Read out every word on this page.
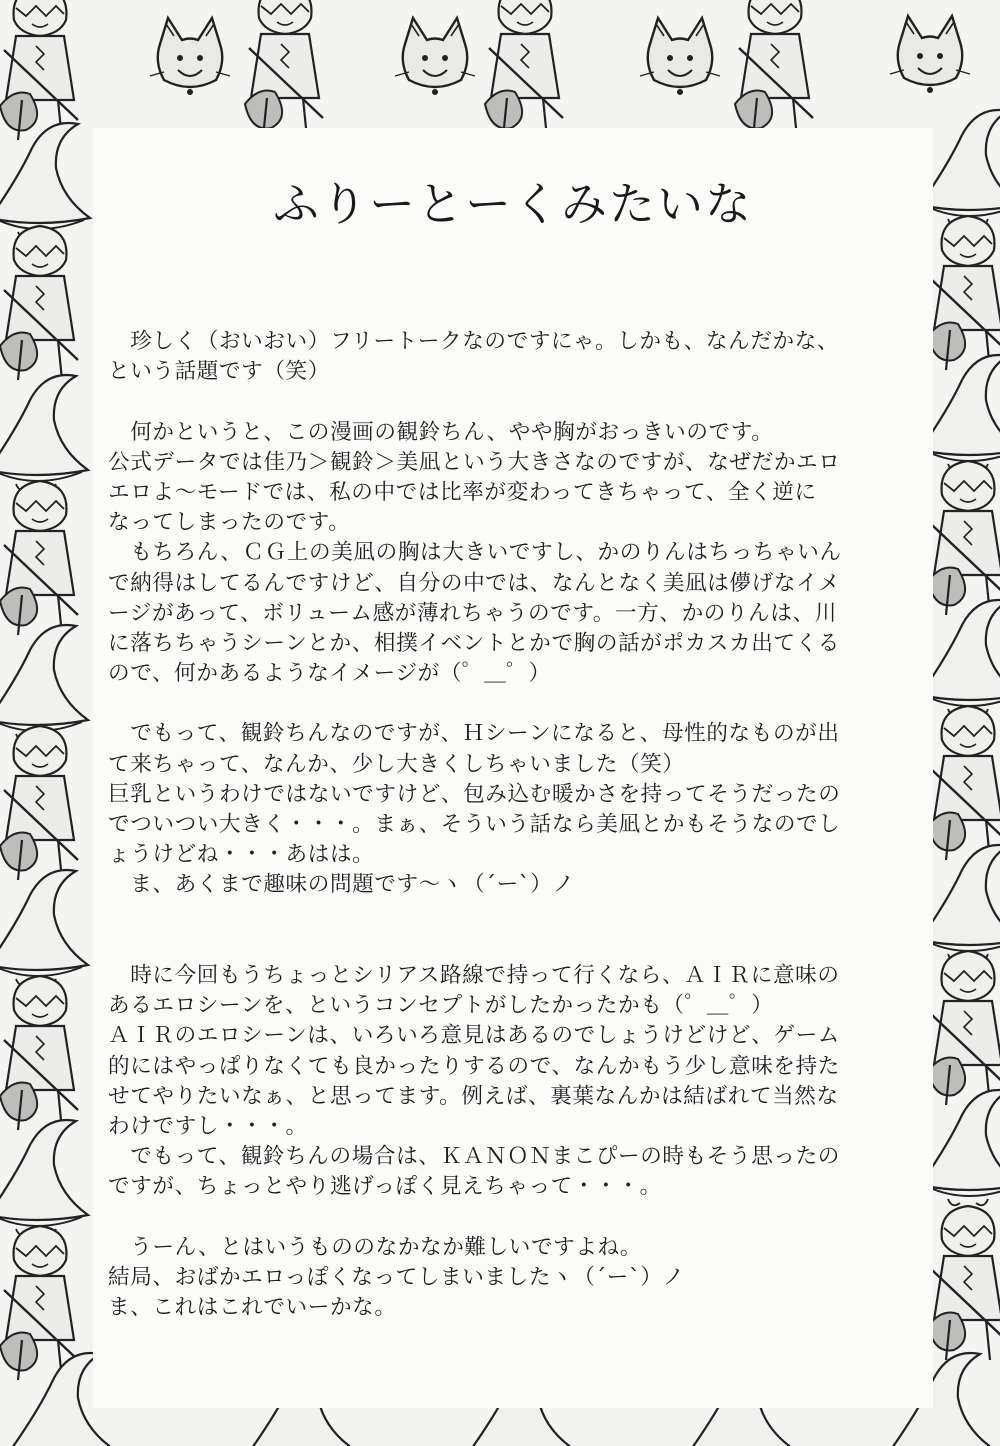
ふりーとーくみたいな
　珍しく（おいおい）フリートークなのですにゃ。しかも、なんだかな、
という話題です（笑）
　何かというと、この漫画の観鈴ちん、やや胸がおっきいのです。
公式データでは佳乃＞観鈴＞美凪という大きさなのですが、なぜだかエロ
エロよ～モードでは、私の中では比率が変わってきちゃって、全く逆に
なってしまったのです。
　もちろん、ＣＧ上の美凪の胸は大きいですし、かのりんはちっちゃいん
で納得はしてるんですけど、自分の中では、なんとなく美凪は儚げなイメ
ージがあって、ボリューム感が薄れちゃうのです。一方、かのりんは、川
に落ちちゃうシーンとか、相撲イベントとかで胸の話がポカスカ出てくる
ので、何かあるようなイメージが（゜＿゜）
　でもって、観鈴ちんなのですが、Ｈシーンになると、母性的なものが出
て来ちゃって、なんか、少し大きくしちゃいました（笑）
巨乳というわけではないですけど、包み込む暖かさを持ってそうだったの
でついつい大きく・・・。まぁ、そういう話なら美凪とかもそうなのでし
ょうけどね・・・あはは。
　ま、あくまで趣味の問題です～ヽ（´ー`）ノ
　時に今回もうちょっとシリアス路線で持って行くなら、ＡＩＲに意味の
あるエロシーンを、というコンセプトがしたかったかも（゜＿゜）
ＡＩＲのエロシーンは、いろいろ意見はあるのでしょうけどけど、ゲーム
的にはやっぱりなくても良かったりするので、なんかもう少し意味を持た
せてやりたいなぁ、と思ってます。例えば、裏葉なんかは結ばれて当然な
わけですし・・・。
　でもって、観鈴ちんの場合は、ＫＡＮＯＮまこぴーの時もそう思ったの
ですが、ちょっとやり逃げっぽく見えちゃって・・・。
　うーん、とはいうもののなかなか難しいですよね。
結局、おばかエロっぽくなってしまいましたヽ（´ー`）ノ
ま、これはこれでいーかな。
